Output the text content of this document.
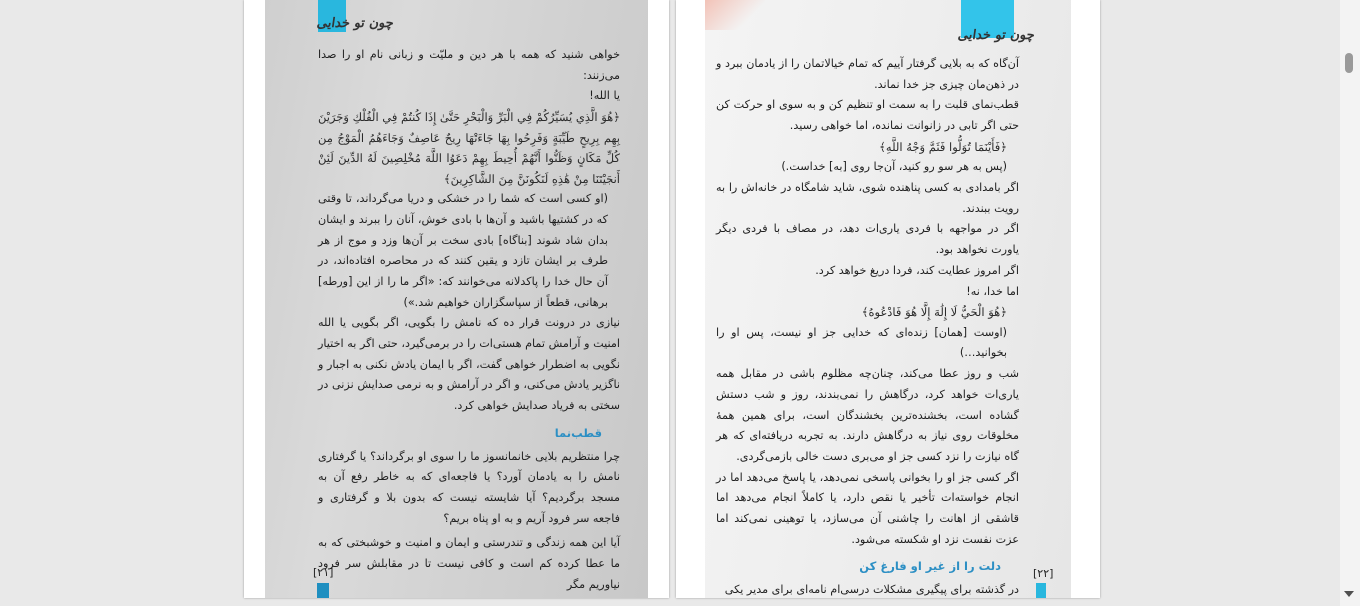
چون تو خدایی

خواهی شنید که همه با هر دین و ملیّت و زبانی نام او را صدا می‌زنند:

یا الله!

﴿هُوَ الَّذِي يُسَيِّرُكُمْ فِي الْبَرِّ وَالْبَحْرِ حَتَّىٰ إِذَا كُنتُمْ فِي الْفُلْكِ وَجَرَيْنَ بِهِم بِرِيحٍ طَيِّبَةٍ وَفَرِحُوا بِهَا جَاءَتْهَا رِيحٌ عَاصِفٌ وَجَاءَهُمُ الْمَوْجُ مِن كُلِّ مَكَانٍ وَظَنُّوا أَنَّهُمْ أُحِيطَ بِهِمْ دَعَوُا اللَّهَ مُخْلِصِينَ لَهُ الدِّينَ لَئِنْ أَنجَيْتَنَا مِنْ هَٰذِهِ لَنَكُونَنَّ مِنَ الشَّاكِرِينَ﴾

(او کسی است که شما را در خشکی و دریا می‌گرداند، تا وقتی که در کشتیها باشید و آن‌ها با بادی خوش، آنان را ببرند و ایشان بدان شاد شوند [بناگاه] بادی سخت بر آن‌ها وزد و موج از هر طرف بر ایشان تازد و یقین کنند که در محاصره افتاده‌اند، در آن حال خدا را پاکدلانه می‌خوانند که: «اگر ما را از این [ورطه] برهانی، قطعاً از سپاسگزاران خواهیم شد.»)

نیازی در درونت قرار ده که نامش را بگویی، اگر بگویی یا الله امنیت و آرامش تمام هستی‌ات را در برمی‌گیرد، حتی اگر به اختیار نگویی به اضطرار خواهی گفت، اگر با ایمان یادش نکنی به اجبار و ناگزیر یادش می‌کنی، و اگر در آرامش و به نرمی صدایش نزنی در سختی به فریاد صدایش خواهی کرد.

قطب‌نما

چرا منتظریم بلایی خانمانسوز ما را سوی او برگرداند؟ یا گرفتاری نامش را به یادمان آورد؟ یا فاجعه‌ای که به خاطر رفع آن به مسجد برگردیم؟ آیا شایسته نیست که بدون بلا و گرفتاری و فاجعه سر فرود آریم و به او پناه بریم؟

آیا این همه زندگی و تندرستی و ایمان و امنیت و خوشبختی که به ما عطا کرده کم است و کافی نیست تا در مقابلش سر فرود نیاوریم مگر

[۲۱]
چون تو خدایی

آن‌گاه که به بلایی گرفتار آییم که تمام خیالاتمان را از یادمان ببرد و در ذهن‌مان چیزی جز خدا نماند.

قطب‌نمای قلبت را به سمت او تنظیم کن و به سوی او حرکت کن حتی اگر تابی در زانوانت نمانده، اما خواهی رسید.

﴿فَأَيْنَمَا تُوَلُّوا فَثَمَّ وَجْهُ اللَّهِ﴾

(پس به هر سو رو کنید، آن‌جا روی [به] خداست.)

اگر بامدادی به کسی پناهنده شوی، شاید شامگاه در خانه‌اش را به رویت ببندند.

اگر در مواجهه با فردی یاری‌ات دهد، در مصاف با فردی دیگر یاورت نخواهد بود.

اگر امروز عطایت کند، فردا دریغ خواهد کرد.

اما خدا، نه!

﴿هُوَ الْحَيُّ لَا إِلَٰهَ إِلَّا هُوَ فَادْعُوهُ﴾

(اوست [همان] زنده‌ای که خدایی جز او نیست، پس او را بخوانید…)

شب و روز عطا می‌کند، چنان‌چه مظلوم باشی در مقابل همه یاری‌ات خواهد کرد، درگاهش را نمی‌بندند، روز و شب دستش گشاده است، بخشنده‌ترین بخشندگان است، برای همین همهٔ مخلوقات روی نیاز به درگاهش دارند. به تجربه دریافته‌ای که هر گاه نیازت را نزد کسی جز او می‌بری دست خالی بازمی‌گردی.

اگر کسی جز او را بخوانی پاسخی نمی‌دهد، یا پاسخ می‌دهد اما در انجام خواسته‌ات تأخیر یا نقص دارد، یا کاملاً انجام می‌دهد اما قاشقی از اهانت را چاشنی آن می‌سازد، یا توهینی نمی‌کند اما عزت نفست نزد او شکسته می‌شود.

دلت را از غیر او فارغ کن

در گذشته برای پیگیری مشکلات درسی‌ام نامه‌ای برای مدیر یکی

[۲۲]
